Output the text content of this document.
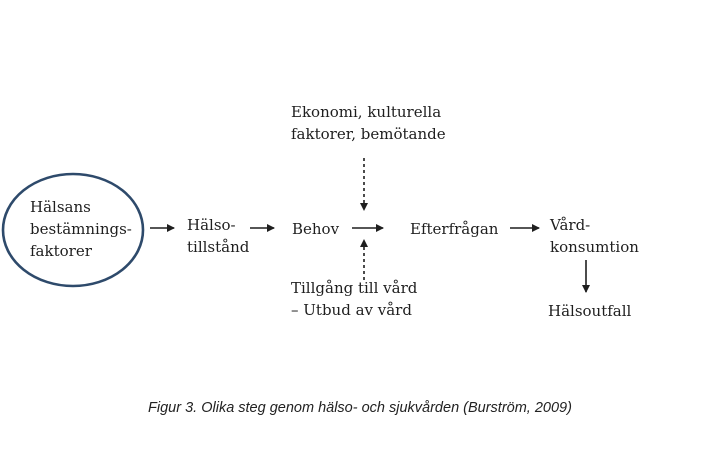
Hälsans
bestämnings-
faktorer
Hälso-
tillstånd
Behov	Efterfrågan	Vård-
konsumtion
Hälsoutfall
Ekonomi, kulturella
faktorer, bemötande
Tillgång till vård
– Utbud av vård
Figur 3. Olika steg genom hälso- och sjukvården (Burström, 2009)
